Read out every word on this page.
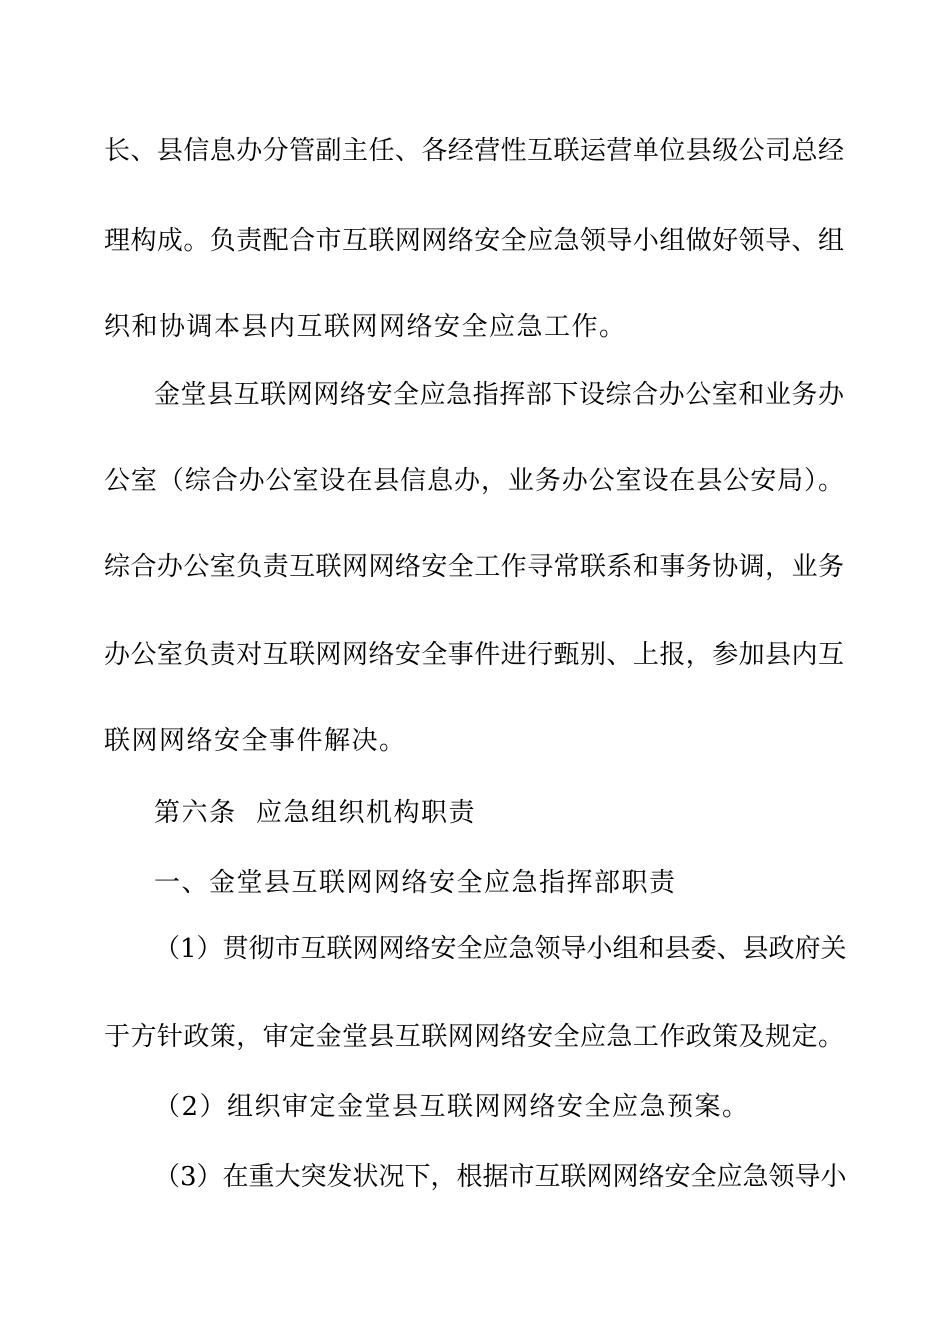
长、县信息办分管副主任、各经营性互联运营单位县级公司总经
理构成。负责配合市互联网网络安全应急领导小组做好领导、组
织和协调本县内互联网网络安全应急工作。
金堂县互联网网络安全应急指挥部下设综合办公室和业务办
公室（综合办公室设在县信息办，业务办公室设在县公安局）。
综合办公室负责互联网网络安全工作寻常联系和事务协调，业务
办公室负责对互联网网络安全事件进行甄别、上报，参加县内互
联网网络安全事件解决。
第六条  应急组织机构职责
一、金堂县互联网网络安全应急指挥部职责
（1）贯彻市互联网网络安全应急领导小组和县委、县政府关
于方针政策，审定金堂县互联网网络安全应急工作政策及规定。
（2）组织审定金堂县互联网网络安全应急预案。
（3）在重大突发状况下，根据市互联网网络安全应急领导小
